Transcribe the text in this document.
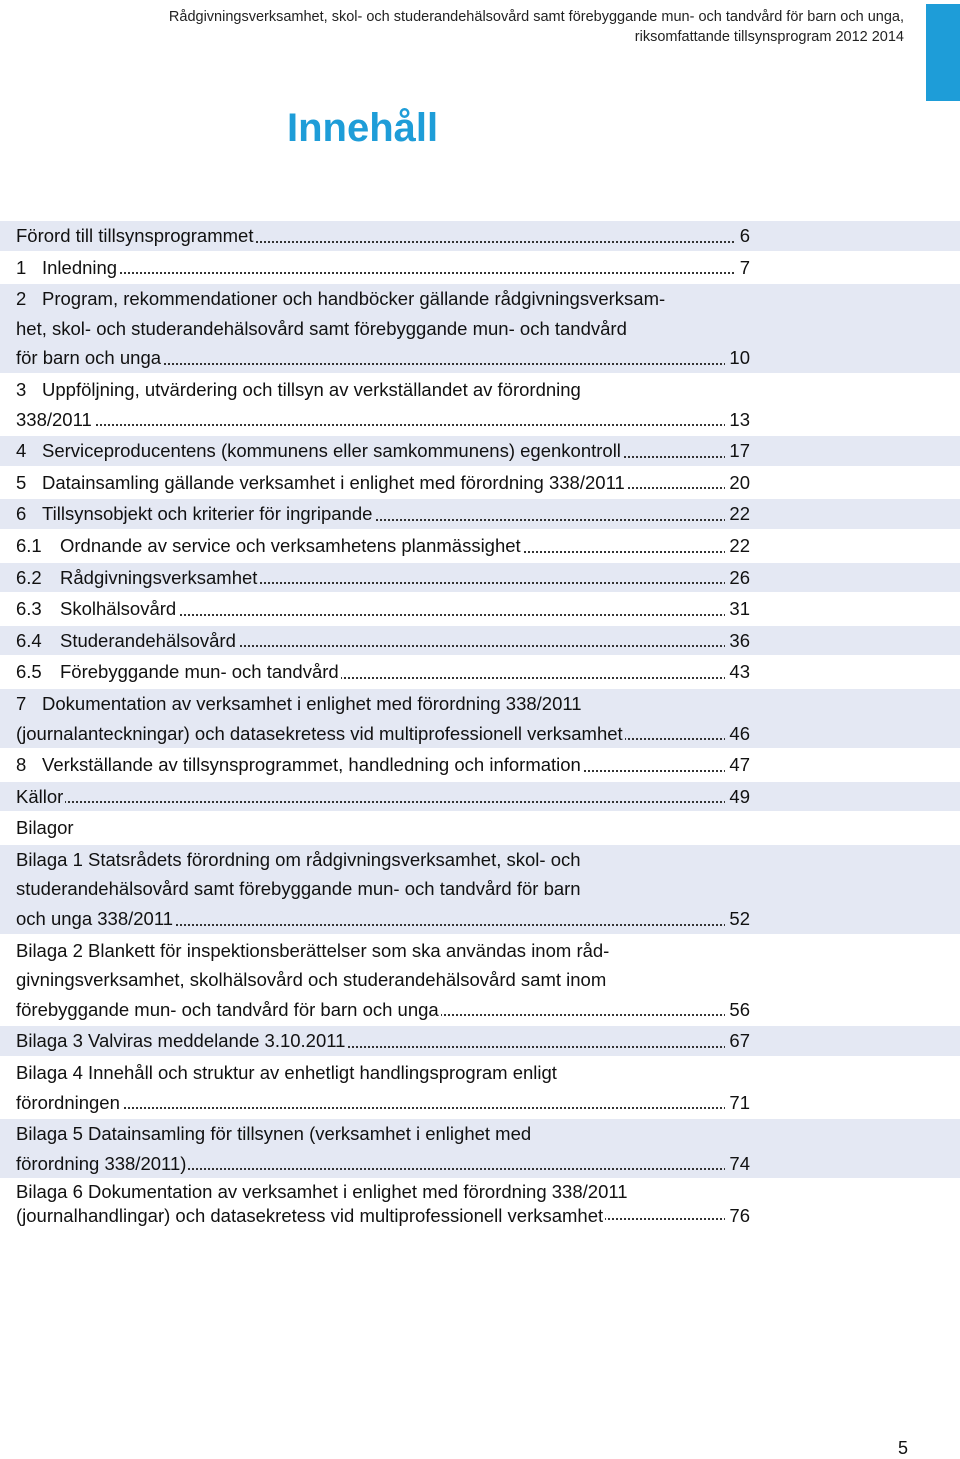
Rådgivningsverksamhet, skol- och studerandehälsovård samt förebyggande mun- och tandvård för barn och unga,
riksomfattande tillsynsprogram 2012 2014
Innehåll
Förord till tillsynsprogrammet	6
1 Inledning	7
2 Program, rekommendationer och handböcker gällande rådgivningsverksam-
het, skol- och studerandehälsovård samt förebyggande mun- och tandvård
för barn och unga	10
3 Uppföljning, utvärdering och tillsyn av verkställandet av förordning
338/2011	13
4 Serviceproducentens (kommunens eller samkommunens) egenkontroll	17
5 Datainsamling gällande verksamhet i enlighet med förordning 338/2011	20
6 Tillsynsobjekt och kriterier för ingripande	22
6.1 Ordnande av service och verksamhetens planmässighet	22
6.2 Rådgivningsverksamhet	26
6.3 Skolhälsovård	31
6.4 Studerandehälsovård	36
6.5 Förebyggande mun- och tandvård	43
7 Dokumentation av verksamhet i enlighet med förordning 338/2011
(journalanteckningar) och datasekretess vid multiprofessionell verksamhet	46
8 Verkställande av tillsynsprogrammet, handledning och information	47
Källor	49
Bilagor
Bilaga 1 Statsrådets förordning om rådgivningsverksamhet, skol- och
studerandehälsovård samt förebyggande mun- och tandvård för barn
och unga 338/2011	52
Bilaga 2 Blankett för inspektionsberättelser som ska användas inom råd-
givningsverksamhet, skolhälsovård och studerandehälsovård samt inom
förebyggande mun- och tandvård för barn och unga	56
Bilaga 3 Valviras meddelande 3.10.2011	67
Bilaga 4 Innehåll och struktur av enhetligt handlingsprogram enligt
förordningen	71
Bilaga 5 Datainsamling för tillsynen (verksamhet i enlighet med
förordning 338/2011)	74
Bilaga 6 Dokumentation av verksamhet i enlighet med förordning 338/2011
(journalhandlingar) och datasekretess vid multiprofessionell verksamhet	76
5
